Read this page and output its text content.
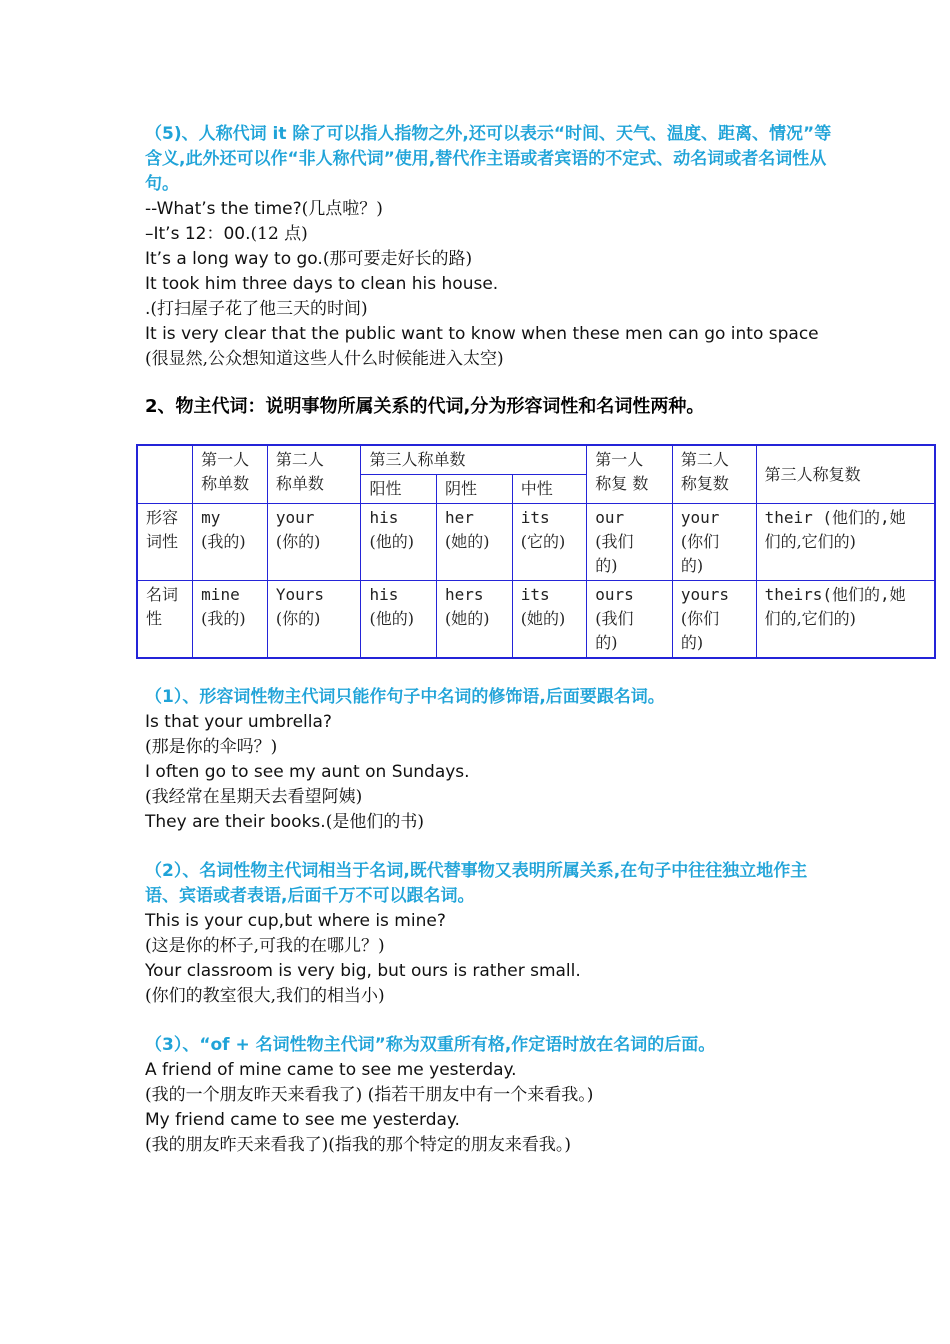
（5)、人称代词 it 除了可以指人指物之外,还可以表示“时间、天气、温度、距离、情况”等含义,此外还可以作“非人称代词”使用,替代作主语或者宾语的不定式、动名词或者名词性从句。

--What’s the time?(几点啦？)

–It’s 12：00.(12 点)

It’s a long way to go.(那可要走好长的路)

It took him three days to clean his house.

.(打扫屋子花了他三天的时间)

It is very clear that the public want to know when these men can go into space

(很显然,公众想知道这些人什么时候能进入太空)

2、物主代词：说明事物所属关系的代词,分为形容词性和名词性两种。

	第一人
称单数	第二人
称单数	第三人称单数			第一人
称复 数	第二人
称复数	第三人称复数
			阳性	阴性	中性			
形容
词性	my
(我的)	your
(你的)	his
(他的)	her
(她的)	its
(它的)	our
(我们
的)	your
(你们
的)	their (他们的,她
们的,它们的)
名词
性	mine
(我的)	Yours
(你的)	his
(他的)	hers
(她的)	its
(她的)	ours
(我们
的)	yours
(你们
的)	theirs(他们的,她
们的,它们的)

（1）、形容词性物主代词只能作句子中名词的修饰语,后面要跟名词。

Is that your umbrella?

(那是你的伞吗？)

I often go to see my aunt on Sundays.

(我经常在星期天去看望阿姨)

They are their books.(是他们的书)

（2）、名词性物主代词相当于名词,既代替事物又表明所属关系,在句子中往往独立地作主语、宾语或者表语,后面千万不可以跟名词。

This is your cup,but where is mine?

(这是你的杯子,可我的在哪儿？)

Your classroom is very big, but ours is rather small.

(你们的教室很大,我们的相当小)

（3）、“of + 名词性物主代词”称为双重所有格,作定语时放在名词的后面。

A friend of mine came to see me yesterday.

(我的一个朋友昨天来看我了) (指若干朋友中有一个来看我。)

My friend came to see me yesterday.

(我的朋友昨天来看我了)(指我的那个特定的朋友来看我。)
